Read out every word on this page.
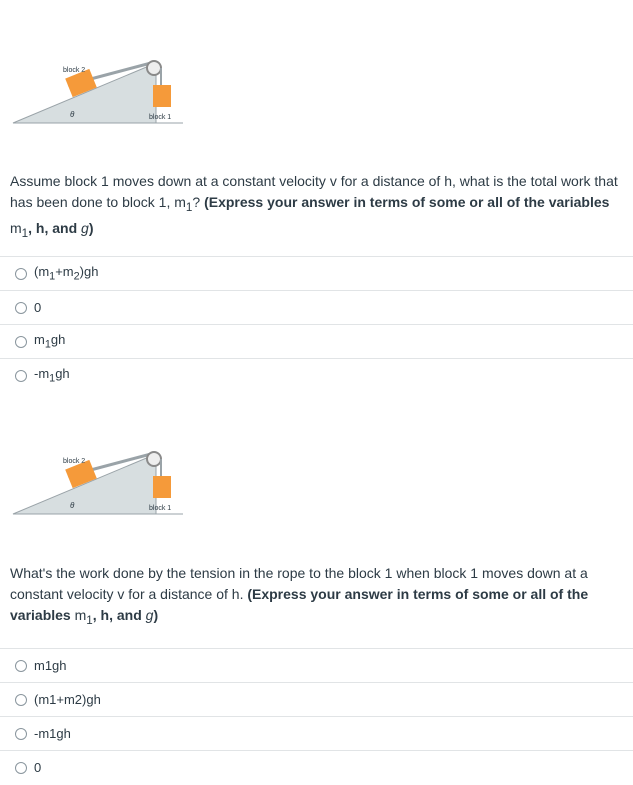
block 2
block 1
θ
Assume block 1 moves down at a constant velocity v for a distance of h, what is the total work that has been done to block 1, $m_1$? (Express your answer in terms of some or all of the variables $m_1$, h, and g)
$(m_1+m_2)gh$
0
$m_1gh$
$-m_1gh$
block 2
block 1
θ
What's the work done by the tension in the rope to the block 1 when block 1 moves down at a constant velocity v for a distance of h. (Express your answer in terms of some or all of the variables $m_1$, h, and g)
m1gh
(m1+m2)gh
-m1gh
0
